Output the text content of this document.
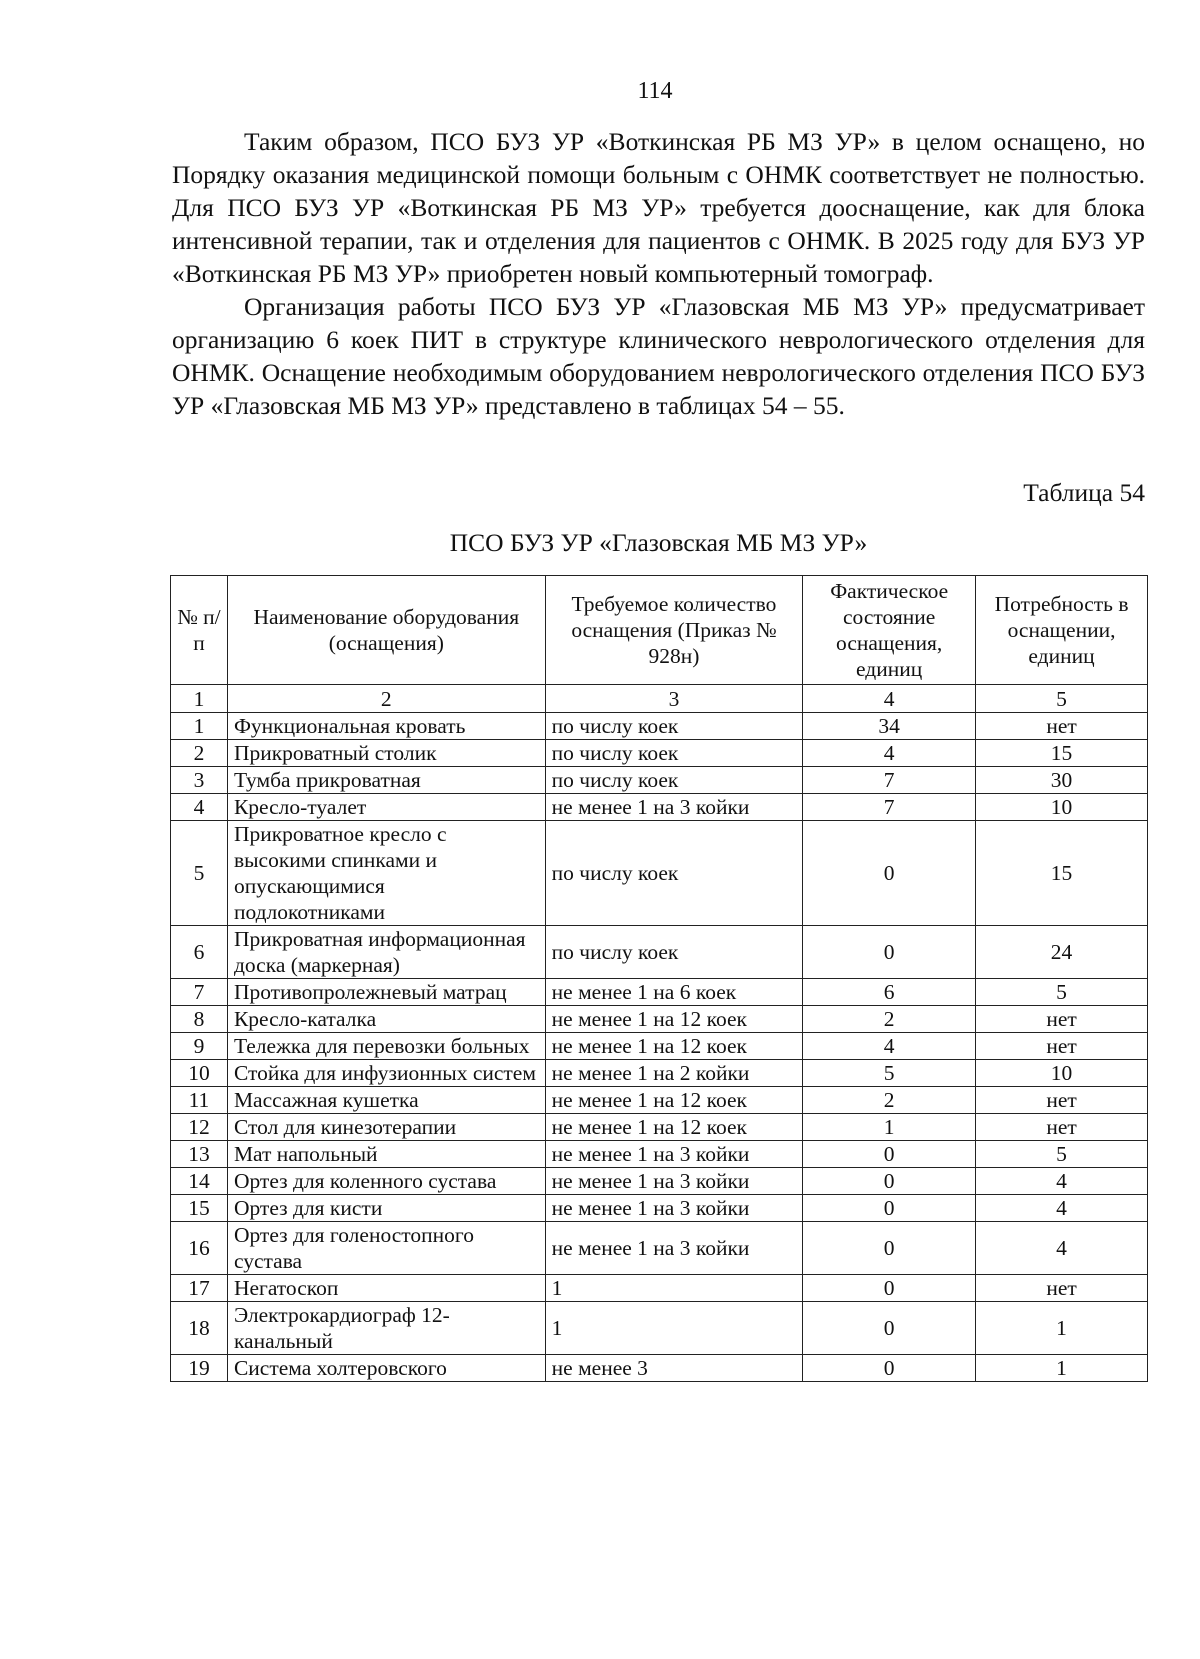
114

Таким образом, ПСО БУЗ УР «Воткинская РБ МЗ УР» в целом оснащено, но Порядку оказания медицинской помощи больным с ОНМК соответствует не полностью. Для ПСО БУЗ УР «Воткинская РБ МЗ УР» требуется дооснащение, как для блока интенсивной терапии, так и отделения для пациентов с ОНМК. В 2025 году для БУЗ УР «Воткинская РБ МЗ УР» приобретен новый компьютерный томограф.

Организация работы ПСО БУЗ УР «Глазовская МБ МЗ УР» предусматривает организацию 6 коек ПИТ в структуре клинического неврологического отделения для ОНМК. Оснащение необходимым оборудованием неврологического отделения ПСО БУЗ УР «Глазовская МБ МЗ УР» представлено в таблицах 54 – 55.

Таблица 54
ПСО БУЗ УР «Глазовская МБ МЗ УР»
№ п/п	Наименование оборудования (оснащения)	Требуемое количество оснащения (Приказ № 928н)	Фактическое состояние оснащения, единиц	Потребность в оснащении, единиц
1	2	3	4	5
1	Функциональная кровать	по числу коек	34	нет
2	Прикроватный столик	по числу коек	4	15
3	Тумба прикроватная	по числу коек	7	30
4	Кресло-туалет	не менее 1 на 3 койки	7	10
5	Прикроватное кресло с высокими спинками и опускающимися подлокотниками	по числу коек	0	15
6	Прикроватная информационная доска (маркерная)	по числу коек	0	24
7	Противопролежневый матрац	не менее 1 на 6 коек	6	5
8	Кресло-каталка	не менее 1 на 12 коек	2	нет
9	Тележка для перевозки больных	не менее 1 на 12 коек	4	нет
10	Стойка для инфузионных систем	не менее 1 на 2 койки	5	10
11	Массажная кушетка	не менее 1 на 12 коек	2	нет
12	Стол для кинезотерапии	не менее 1 на 12 коек	1	нет
13	Мат напольный	не менее 1 на 3 койки	0	5
14	Ортез для коленного сустава	не менее 1 на 3 койки	0	4
15	Ортез для кисти	не менее 1 на 3 койки	0	4
16	Ортез для голеностопного сустава	не менее 1 на 3 койки	0	4
17	Негатоскоп	1	0	нет
18	Электрокардиограф 12-канальный	1	0	1
19	Система холтеровского	не менее 3	0	1
